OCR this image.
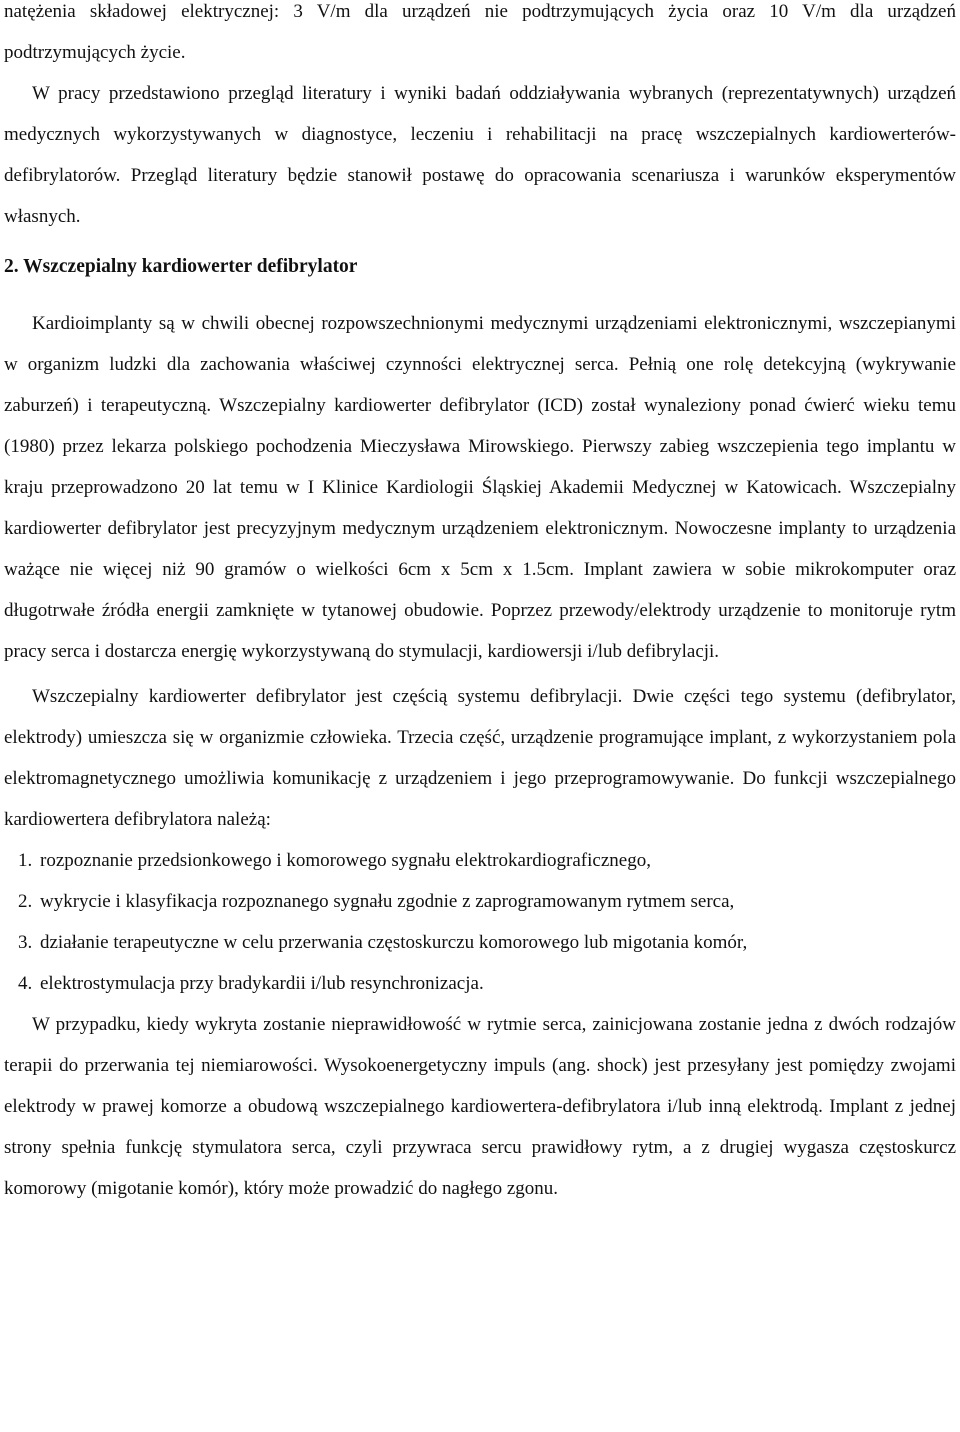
natężenia składowej elektrycznej: 3 V/m dla urządzeń nie podtrzymujących życia oraz 10 V/m dla urządzeń podtrzymujących życie.

W pracy przedstawiono przegląd literatury i wyniki badań oddziaływania wybranych (reprezentatywnych) urządzeń medycznych wykorzystywanych w diagnostyce, leczeniu i rehabilitacji na pracę wszczepialnych kardiowerterów-defibrylatorów. Przegląd literatury będzie stanowił postawę do opracowania scenariusza i warunków eksperymentów własnych.

2. Wszczepialny kardiowerter defibrylator

Kardioimplanty są w chwili obecnej rozpowszechnionymi medycznymi urządzeniami elektronicznymi, wszczepianymi w organizm ludzki dla zachowania właściwej czynności elektrycznej serca. Pełnią one rolę detekcyjną (wykrywanie zaburzeń) i terapeutyczną. Wszczepialny kardiowerter defibrylator (ICD) został wynaleziony ponad ćwierć wieku temu (1980) przez lekarza polskiego pochodzenia Mieczysława Mirowskiego. Pierwszy zabieg wszczepienia tego implantu w kraju przeprowadzono 20 lat temu w I Klinice Kardiologii Śląskiej Akademii Medycznej w Katowicach. Wszczepialny kardiowerter defibrylator jest precyzyjnym medycznym urządzeniem elektronicznym. Nowoczesne implanty to urządzenia ważące nie więcej niż 90 gramów o wielkości 6cm x 5cm x 1.5cm. Implant zawiera w sobie mikrokomputer oraz długotrwałe źródła energii zamknięte w tytanowej obudowie. Poprzez przewody/elektrody urządzenie to monitoruje rytm pracy serca i dostarcza energię wykorzystywaną do stymulacji, kardiowersji i/lub defibrylacji.

Wszczepialny kardiowerter defibrylator jest częścią systemu defibrylacji. Dwie części tego systemu (defibrylator, elektrody) umieszcza się w organizmie człowieka. Trzecia część, urządzenie programujące implant, z wykorzystaniem pola elektromagnetycznego umożliwia komunikację z urządzeniem i jego przeprogramowywanie. Do funkcji wszczepialnego kardiowertera defibrylatora należą:

1. rozpoznanie przedsionkowego i komorowego sygnału elektrokardiograficznego,
2. wykrycie i klasyfikacja rozpoznanego sygnału zgodnie z zaprogramowanym rytmem serca,
3. działanie terapeutyczne w celu przerwania częstoskurczu komorowego lub migotania komór,
4. elektrostymulacja przy bradykardii i/lub resynchronizacja.

W przypadku, kiedy wykryta zostanie nieprawidłowość w rytmie serca, zainicjowana zostanie jedna z dwóch rodzajów terapii do przerwania tej niemiarowości. Wysokoenergetyczny impuls (ang. shock) jest przesyłany jest pomiędzy zwojami elektrody w prawej komorze a obudową wszczepialnego kardiowertera-defibrylatora i/lub inną elektrodą. Implant z jednej strony spełnia funkcję stymulatora serca, czyli przywraca sercu prawidłowy rytm, a z drugiej wygasza częstoskurcz komorowy (migotanie komór), który może prowadzić do nagłego zgonu.
